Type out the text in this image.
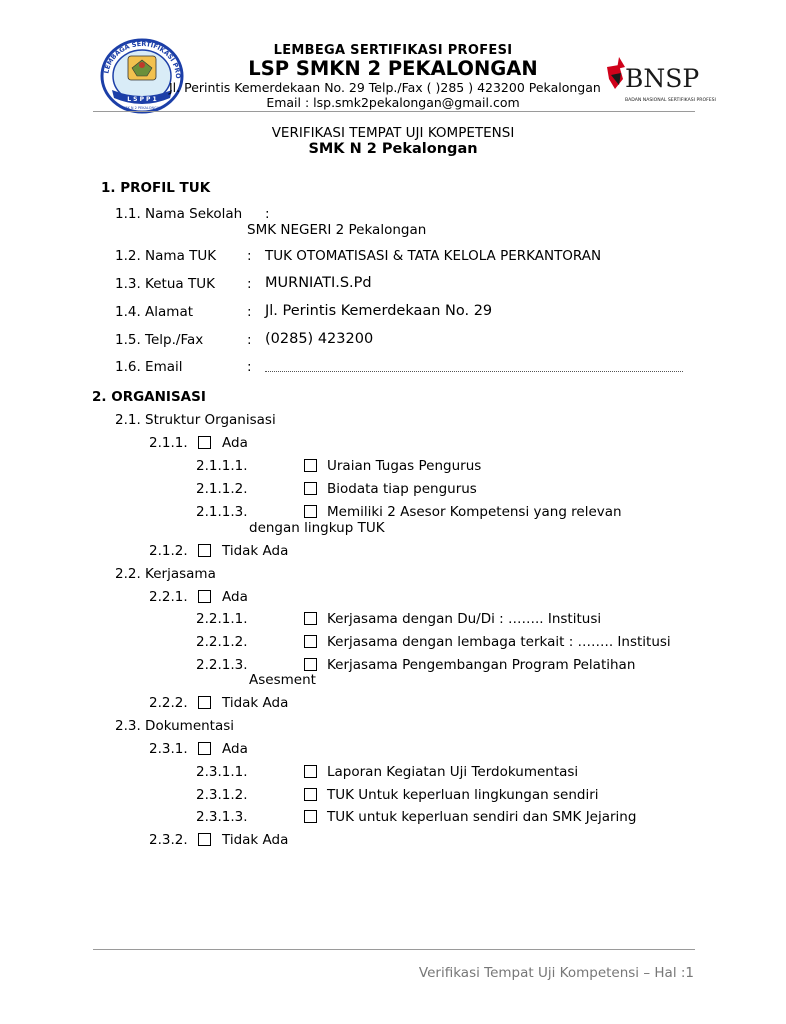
LEMBAGA SERTIFIKASI PRO
L S P P 1
SMK N 2 PEKALONGAN
LEMBEGA SERTIFIKASI PROFESI
LSP SMKN 2 PEKALONGAN
Jl. Perintis Kemerdekaan No. 29 Telp./Fax ( )285 ) 423200 Pekalongan
Email : lsp.smk2pekalongan@gmail.com
BNSP
BADAN NASIONAL SERTIFIKASI PROFESI
VERIFIKASI TEMPAT UJI KOMPETENSI
SMK N 2 Pekalongan
1. PROFIL TUK
1.1. Nama Sekolah :
SMK NEGERI 2 Pekalongan
1.2. Nama TUK : TUK OTOMATISASI & TATA KELOLA PERKANTORAN
1.3. Ketua TUK : MURNIATI.S.Pd
1.4. Alamat	: Jl. Perintis Kemerdekaan No. 29
1.5. Telp./Fax	: (0285) 423200
1.6. Email	:
2. ORGANISASI
2.1. Struktur Organisasi
2.1.1.	Ada
2.1.1.1.	Uraian Tugas Pengurus
2.1.1.2.	Biodata tiap pengurus
2.1.1.3.	Memiliki 2 Asesor Kompetensi yang relevan
dengan lingkup TUK
2.1.2.	Tidak Ada
2.2. Kerjasama
2.2.1.	Ada
2.2.1.1.	Kerjasama dengan Du/Di : …….. Institusi
2.2.1.2.	Kerjasama dengan lembaga terkait : …….. Institusi
2.2.1.3.	Kerjasama Pengembangan Program Pelatihan
Asesment
2.2.2.	Tidak Ada
2.3. Dokumentasi
2.3.1.	Ada
2.3.1.1.	Laporan Kegiatan Uji Terdokumentasi
2.3.1.2.	TUK Untuk keperluan lingkungan sendiri
2.3.1.3.	TUK untuk keperluan sendiri dan SMK Jejaring
2.3.2.	Tidak Ada
Verifikasi Tempat Uji Kompetensi – Hal :1
